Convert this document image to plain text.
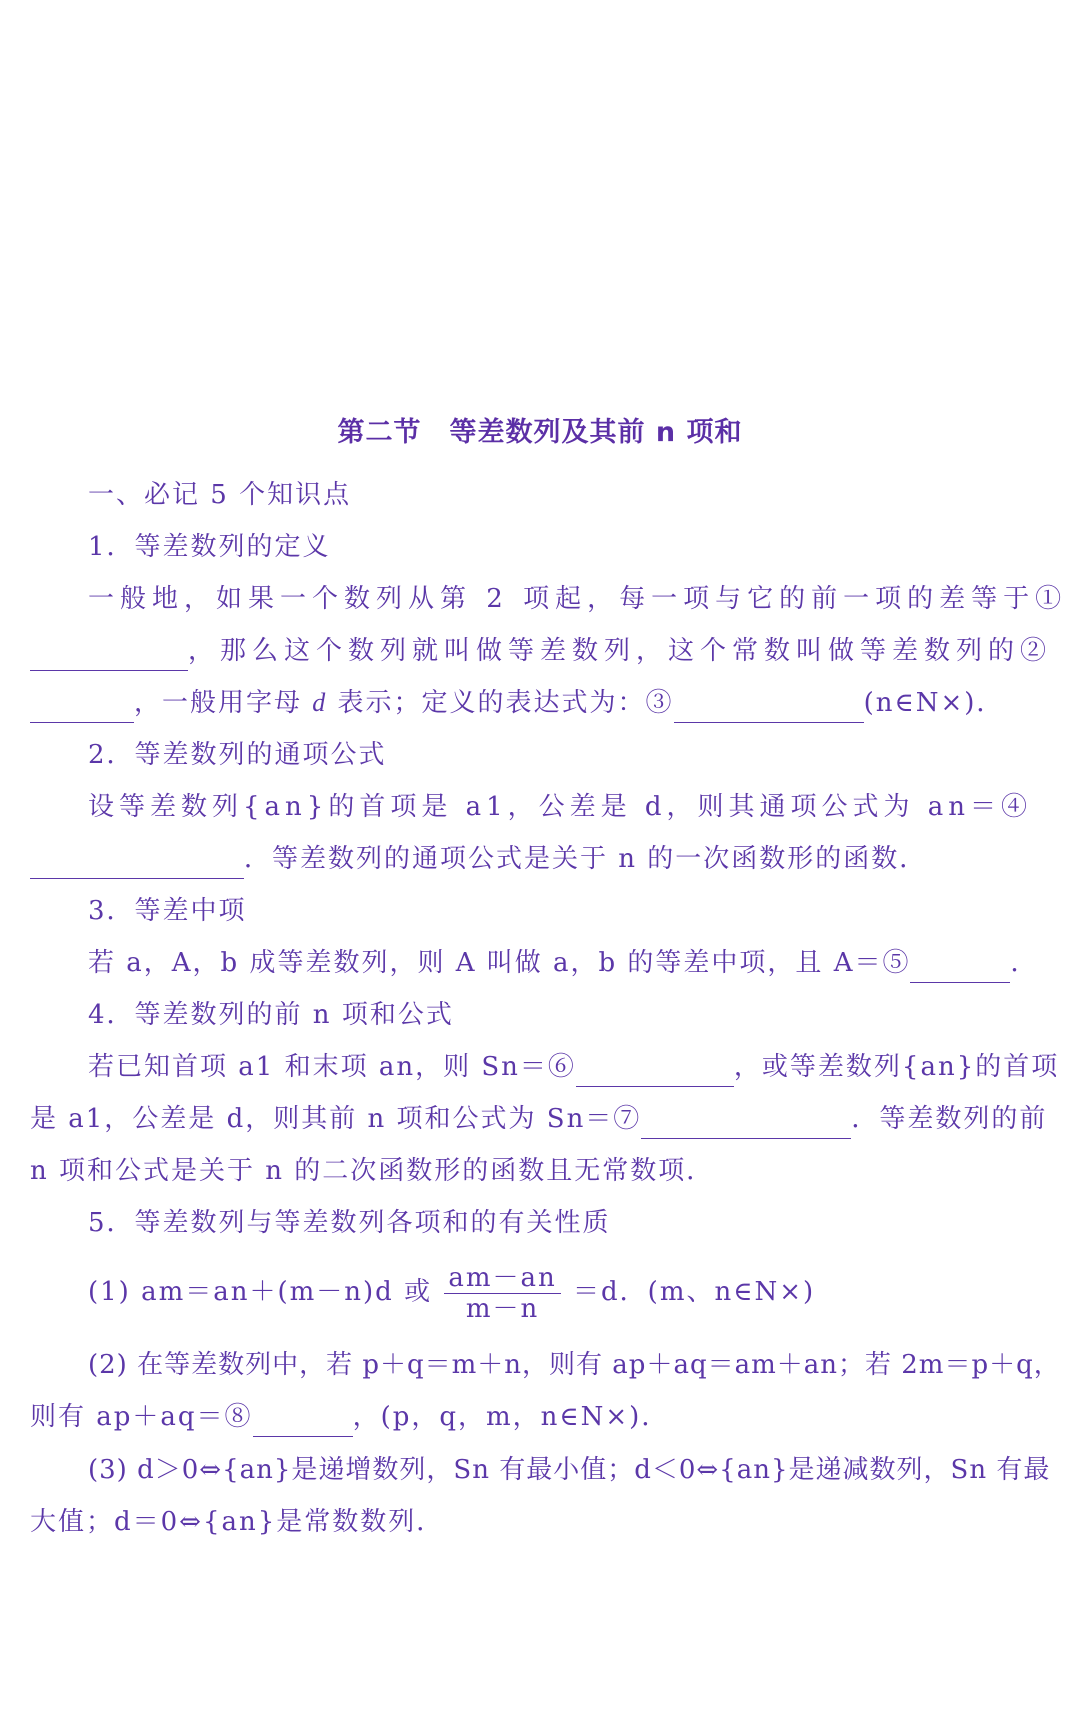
第二节　等差数列及其前 n 项和
一、必记 5 个知识点
1．等差数列的定义
一般地，如果一个数列从第 2 项起，每一项与它的前一项的差等于①
，那么这个数列就叫做等差数列，这个常数叫做等差数列的②
，一般用字母 d 表示；定义的表达式为：③	(n∈N×)．
2．等差数列的通项公式
设等差数列{an}的首项是 a1，公差是 d，则其通项公式为 an＝④
．等差数列的通项公式是关于 n 的一次函数形的函数．
3．等差中项
若 a，A，b 成等差数列，则 A 叫做 a，b 的等差中项，且 A＝⑤	．
4．等差数列的前 n 项和公式
若已知首项 a1 和末项 an，则 Sn＝⑥	，或等差数列{an}的首项
是 a1，公差是 d，则其前 n 项和公式为 Sn＝⑦	．等差数列的前
n 项和公式是关于 n 的二次函数形的函数且无常数项．
5．等差数列与等差数列各项和的有关性质
(1) am＝an＋(m－n)d 或 $\frac{am-an}{m-n} =d$．(m、n∈N×)
(2) 在等差数列中，若 p＋q＝m＋n，则有 ap＋aq＝am＋an；若 2m＝p＋q，
则有 ap＋aq＝⑧	，(p，q，m，n∈N×)．
(3) d＞0⇔{an}是递增数列，Sn 有最小值；d＜0⇔{an}是递减数列，Sn 有最
大值；d＝0⇔{an}是常数数列．
